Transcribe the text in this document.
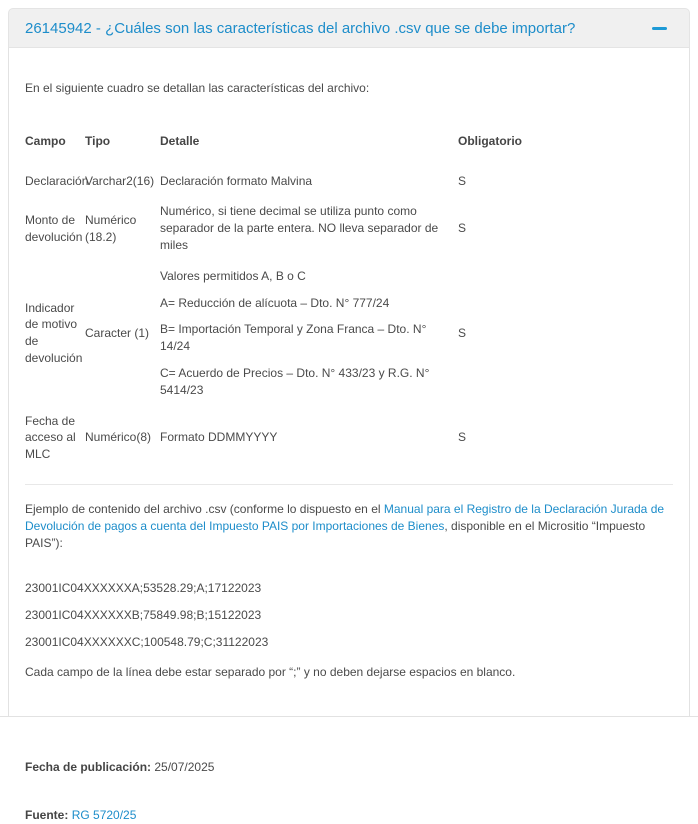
26145942 - ¿Cuáles son las características del archivo .csv que se debe importar?
En el siguiente cuadro se detallan las características del archivo:
Campo	Tipo	Detalle	Obligatorio
Declaración	Varchar2(16)	Declaración formato Malvina	S
Monto de devolución	Numérico (18.2)	Numérico, si tiene decimal se utiliza punto como separador de la parte entera. NO lleva separador de miles	S
Indicador de motivo de devolución	Caracter (1)	Valores permitidos A, B o C
A= Reducción de alícuota – Dto. N° 777/24
B= Importación Temporal y Zona Franca – Dto. N° 14/24
C= Acuerdo de Precios – Dto. N° 433/23 y R.G. N° 5414/23	S
Fecha de acceso al MLC	Numérico(8)	Formato DDMMYYYY	S
Ejemplo de contenido del archivo .csv (conforme lo dispuesto en el Manual para el Registro de la Declaración Jurada de Devolución de pagos a cuenta del Impuesto PAIS por Importaciones de Bienes, disponible en el Micrositio “Impuesto PAIS”):
23001IC04XXXXXXA;53528.29;A;17122023
23001IC04XXXXXXB;75849.98;B;15122023
23001IC04XXXXXXC;100548.79;C;31122023
Cada campo de la línea debe estar separado por “;” y no deben dejarse espacios en blanco.
Fecha de publicación: 25/07/2025
Fuente: RG 5720/25
